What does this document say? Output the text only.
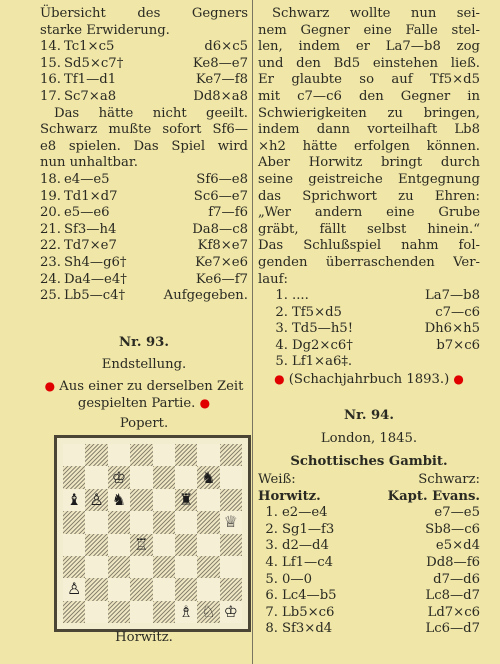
Übersicht des Gegners

starke Erwiderung.

14. Tc1×c5	d6×c5
15. Sd5×c7†	Ke8—e7
16. Tf1—d1	Ke7—f8
17. Sc7×a8	Dd8×a8

Das hätte nicht geeilt.

Schwarz mußte sofort Sf6—

e8 spielen. Das Spiel wird

nun unhaltbar.

18. e4—e5	Sf6—e8
19. Td1×d7	Sc6—e7
20. e5—e6	f7—f6
21. Sf3—h4	Da8—c8
22. Td7×e7	Kf8×e7
23. Sh4—g6†	Ke7×e6
24. Da4—e4†	Ke6—f7
25. Lb5—c4†	Aufgegeben.
Nr. 93.
Endstellung.
● Aus einer zu derselben Zeit
gespielten Partie. ●
Popert.
♔	♞
♝ ♙ ♞	♜
♕
♖
♙
♗ ♘ ♔
Horwitz.

Schwarz wollte nun sei-

nem Gegner eine Falle stel-

len, indem er La7—b8 zog

und den Bd5 einstehen ließ.

Er glaubte so auf Tf5×d5

mit c7—c6 den Gegner in

Schwierigkeiten zu bringen,

indem dann vorteilhaft Lb8

×h2 hätte erfolgen können.

Aber Horwitz bringt durch

seine geistreiche Entgegnung

das Sprichwort zu Ehren:

„Wer andern eine Grube

gräbt, fällt selbst hinein.“

Das Schlußspiel nahm fol-

genden überraschenden Ver-

lauf:

1. ....	La7—b8
2. Tf5×d5	c7—c6
3. Td5—h5!	Dh6×h5
4. Dg2×c6†	b7×c6
5. Lf1×a6‡.
● (Schachjahrbuch 1893.) ●
Nr. 94.
London, 1845.
Schottisches Gambit.
Weiß:	Schwarz:
Horwitz.	Kapt. Evans.
1. e2—e4	e7—e5
2. Sg1—f3	Sb8—c6
3. d2—d4	e5×d4
4. Lf1—c4	Dd8—f6
5. 0—0	d7—d6
6. Lc4—b5	Lc8—d7
7. Lb5×c6	Ld7×c6
8. Sf3×d4	Lc6—d7
